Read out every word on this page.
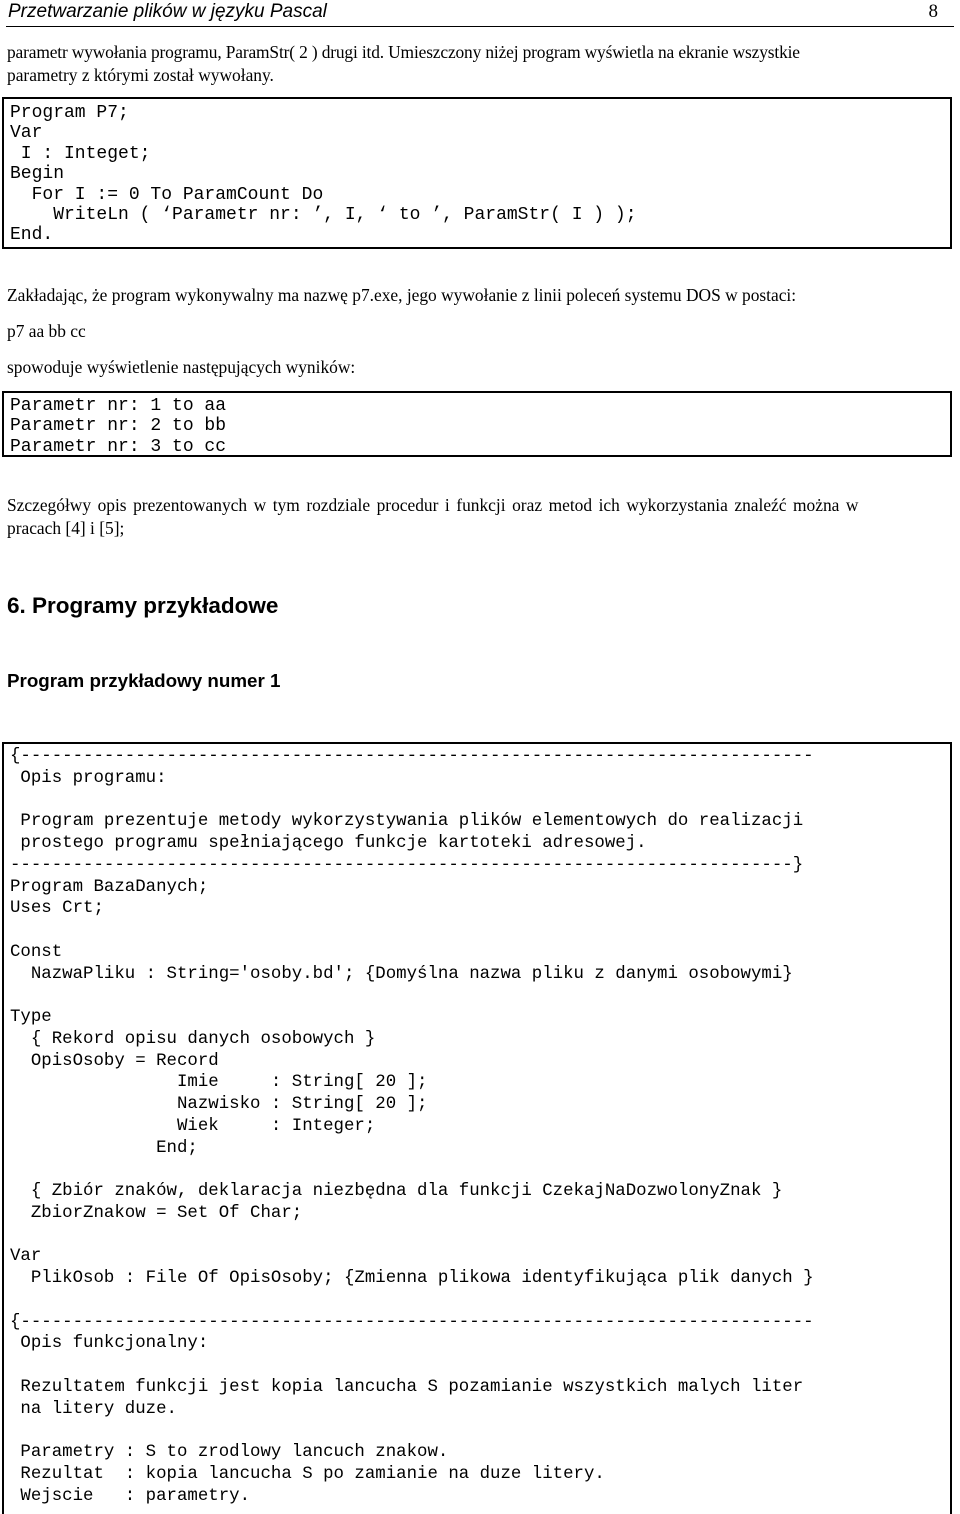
Przetwarzanie plików w języku Pascal	8
parametr wywołania programu, ParamStr( 2 ) drugi itd. Umieszczony niżej program wyświetla na ekranie wszystkie
parametry z którymi został wywołany.
Program P7;
Var
I : Integet;
Begin
For I := 0 To ParamCount Do
WriteLn ( ‘Parametr nr: ’, I, ‘ to ’, ParamStr( I ) );
End.
Zakładając, że program wykonywalny ma nazwę p7.exe, jego wywołanie z linii poleceń systemu DOS w postaci:
p7 aa bb cc
spowoduje wyświetlenie następujących wyników:
Parametr nr: 1 to aa
Parametr nr: 2 to bb
Parametr nr: 3 to cc
Szczegółwy opis prezentowanych w tym rozdziale procedur i funkcji oraz metod ich wykorzystania znaleźć można w
pracach [4] i [5];
6. Programy przykładowe
Program przykładowy numer 1
{----------------------------------------------------------------------------
Opis programu:
Program prezentuje metody wykorzystywania plików elementowych do realizacji
prostego programu spełniającego funkcje kartoteki adresowej.
---------------------------------------------------------------------------}
Program BazaDanych;
Uses Crt;
Const
NazwaPliku : String='osoby.bd'; {Domyślna nazwa pliku z danymi osobowymi}
Type
{ Rekord opisu danych osobowych }
OpisOsoby = Record
Imie     : String[ 20 ];
Nazwisko : String[ 20 ];
Wiek     : Integer;
End;
{ Zbiór znaków, deklaracja niezbędna dla funkcji CzekajNaDozwolonyZnak }
ZbiorZnakow = Set Of Char;
Var
PlikOsob : File Of OpisOsoby; {Zmienna plikowa identyfikująca plik danych }
{----------------------------------------------------------------------------
Opis funkcjonalny:
Rezultatem funkcji jest kopia lancucha S pozamianie wszystkich malych liter
na litery duze.
Parametry : S to zrodlowy lancuch znakow.
Rezultat  : kopia lancucha S po zamianie na duze litery.
Wejscie   : parametry.
